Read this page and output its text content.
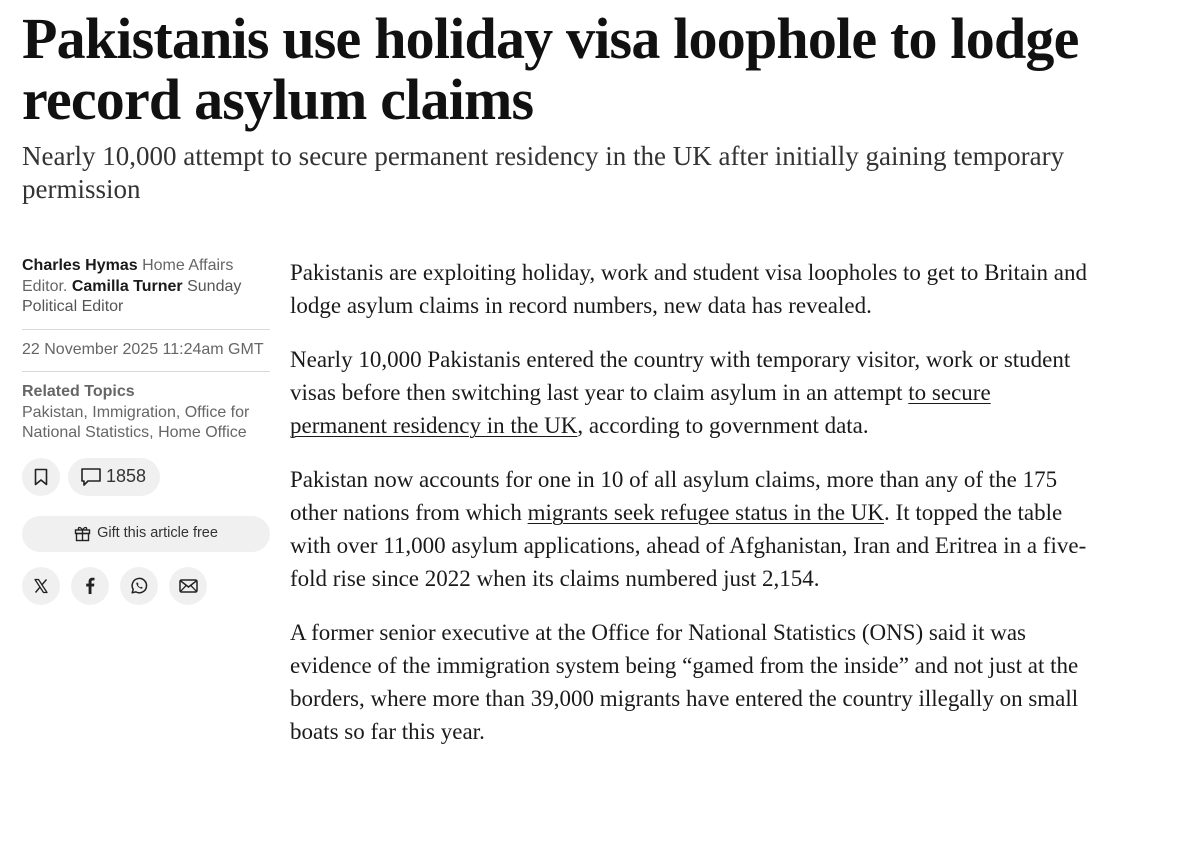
Pakistanis use holiday visa loophole to lodge record asylum claims

Nearly 10,000 attempt to secure permanent residency in the UK after initially gaining temporary permission

Charles Hymas Home Affairs Editor. Camilla Turner Sunday Political Editor
22 November 2025 11:24am GMT
Related Topics
Pakistan, Immigration, Office for National Statistics, Home Office
1858
Gift this article free

Pakistanis are exploiting holiday, work and student visa loopholes to get to Britain and lodge asylum claims in record numbers, new data has revealed.

Nearly 10,000 Pakistanis entered the country with temporary visitor, work or student visas before then switching last year to claim asylum in an attempt to secure permanent residency in the UK, according to government data.

Pakistan now accounts for one in 10 of all asylum claims, more than any of the 175 other nations from which migrants seek refugee status in the UK. It topped the table with over 11,000 asylum applications, ahead of Afghanistan, Iran and Eritrea in a five-fold rise since 2022 when its claims numbered just 2,154.

A former senior executive at the Office for National Statistics (ONS) said it was evidence of the immigration system being “gamed from the inside” and not just at the borders, where more than 39,000 migrants have entered the country illegally on small boats so far this year.
